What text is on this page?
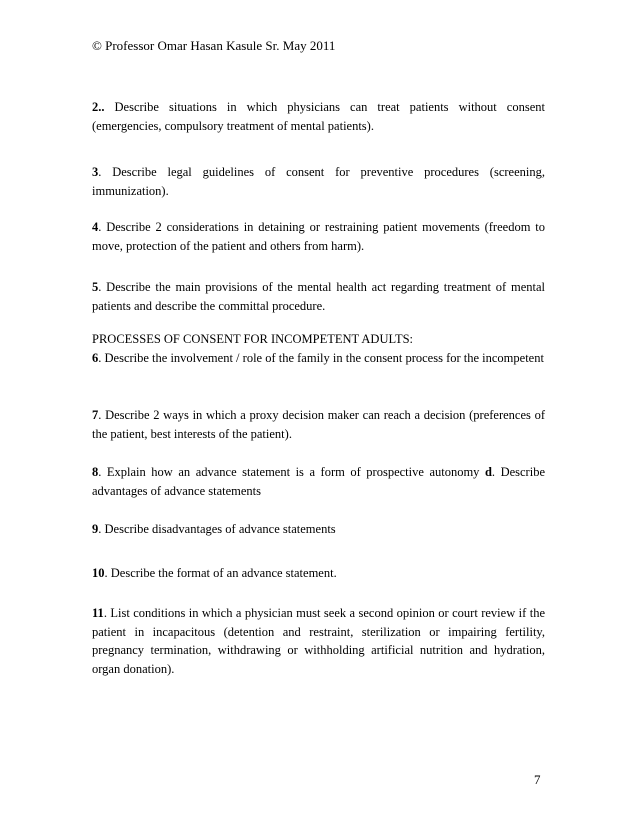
© Professor Omar Hasan Kasule Sr. May 2011
2.. Describe situations in which physicians can treat patients without consent (emergencies, compulsory treatment of mental patients).
3. Describe legal guidelines of consent for preventive procedures (screening, immunization).
4. Describe 2 considerations in detaining or restraining patient movements (freedom to move, protection of the patient and others from harm).
5. Describe the main provisions of the mental health act regarding treatment of mental patients and describe the committal procedure.
PROCESSES OF CONSENT FOR INCOMPETENT ADULTS:
6. Describe the involvement / role of the family in the consent process for the incompetent
7. Describe 2 ways in which a proxy decision maker can reach a decision (preferences of the patient, best interests of the patient).
8. Explain how an advance statement is a form of prospective autonomy d. Describe advantages of advance statements
9. Describe disadvantages of advance statements
10. Describe the format of an advance statement.
11. List conditions in which a physician must seek a second opinion or court review if the patient in incapacitous (detention and restraint, sterilization or impairing fertility, pregnancy termination, withdrawing or withholding artificial nutrition and hydration, organ donation).
7
